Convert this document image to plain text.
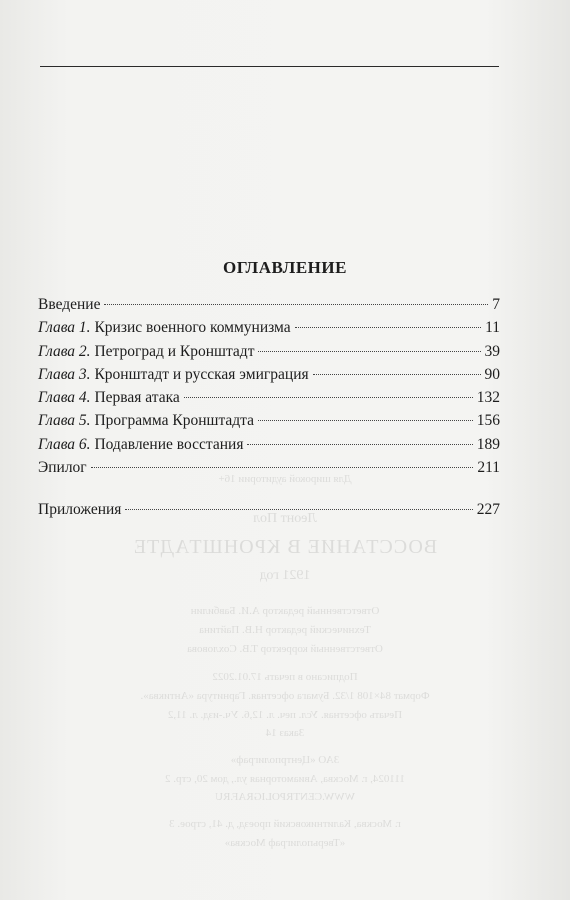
Для широкой аудитории 16+
Леонт Пол
ВОССТАНИЕ В КРОНШТАДТЕ
1921 год
Ответственный редактор А.И. Бавбилин
Технический редактор Н.В. Пайтина
Ответственный корректор Т.В. Сохловова
Подписано в печать 17.01.2022
Формат 84×108 1/32. Бумага офсетная. Гарнитура «Антиква».
Печать офсетная. Усл. печ. л. 12,6. Уч.-изд. л. 11,2
Заказ 14
ЗАО «Центрполиграф»
111024, г. Москва, Авиамоторная ул., дом 20, стр. 2
WWW.CENTRPOLIGRAF.RU
г. Москва, Калитниковский проезд, д. 41, строе. 3
«Тверьполиграф Москва»
ОГЛАВЛЕНИЕ
Введение	7
Глава 1. Кризис военного коммунизма	11
Глава 2. Петроград и Кронштадт	39
Глава 3. Кронштадт и русская эмиграция	90
Глава 4. Первая атака	132
Глава 5. Программа Кронштадта	156
Глава 6. Подавление восстания	189
Эпилог	211
Приложения	227
